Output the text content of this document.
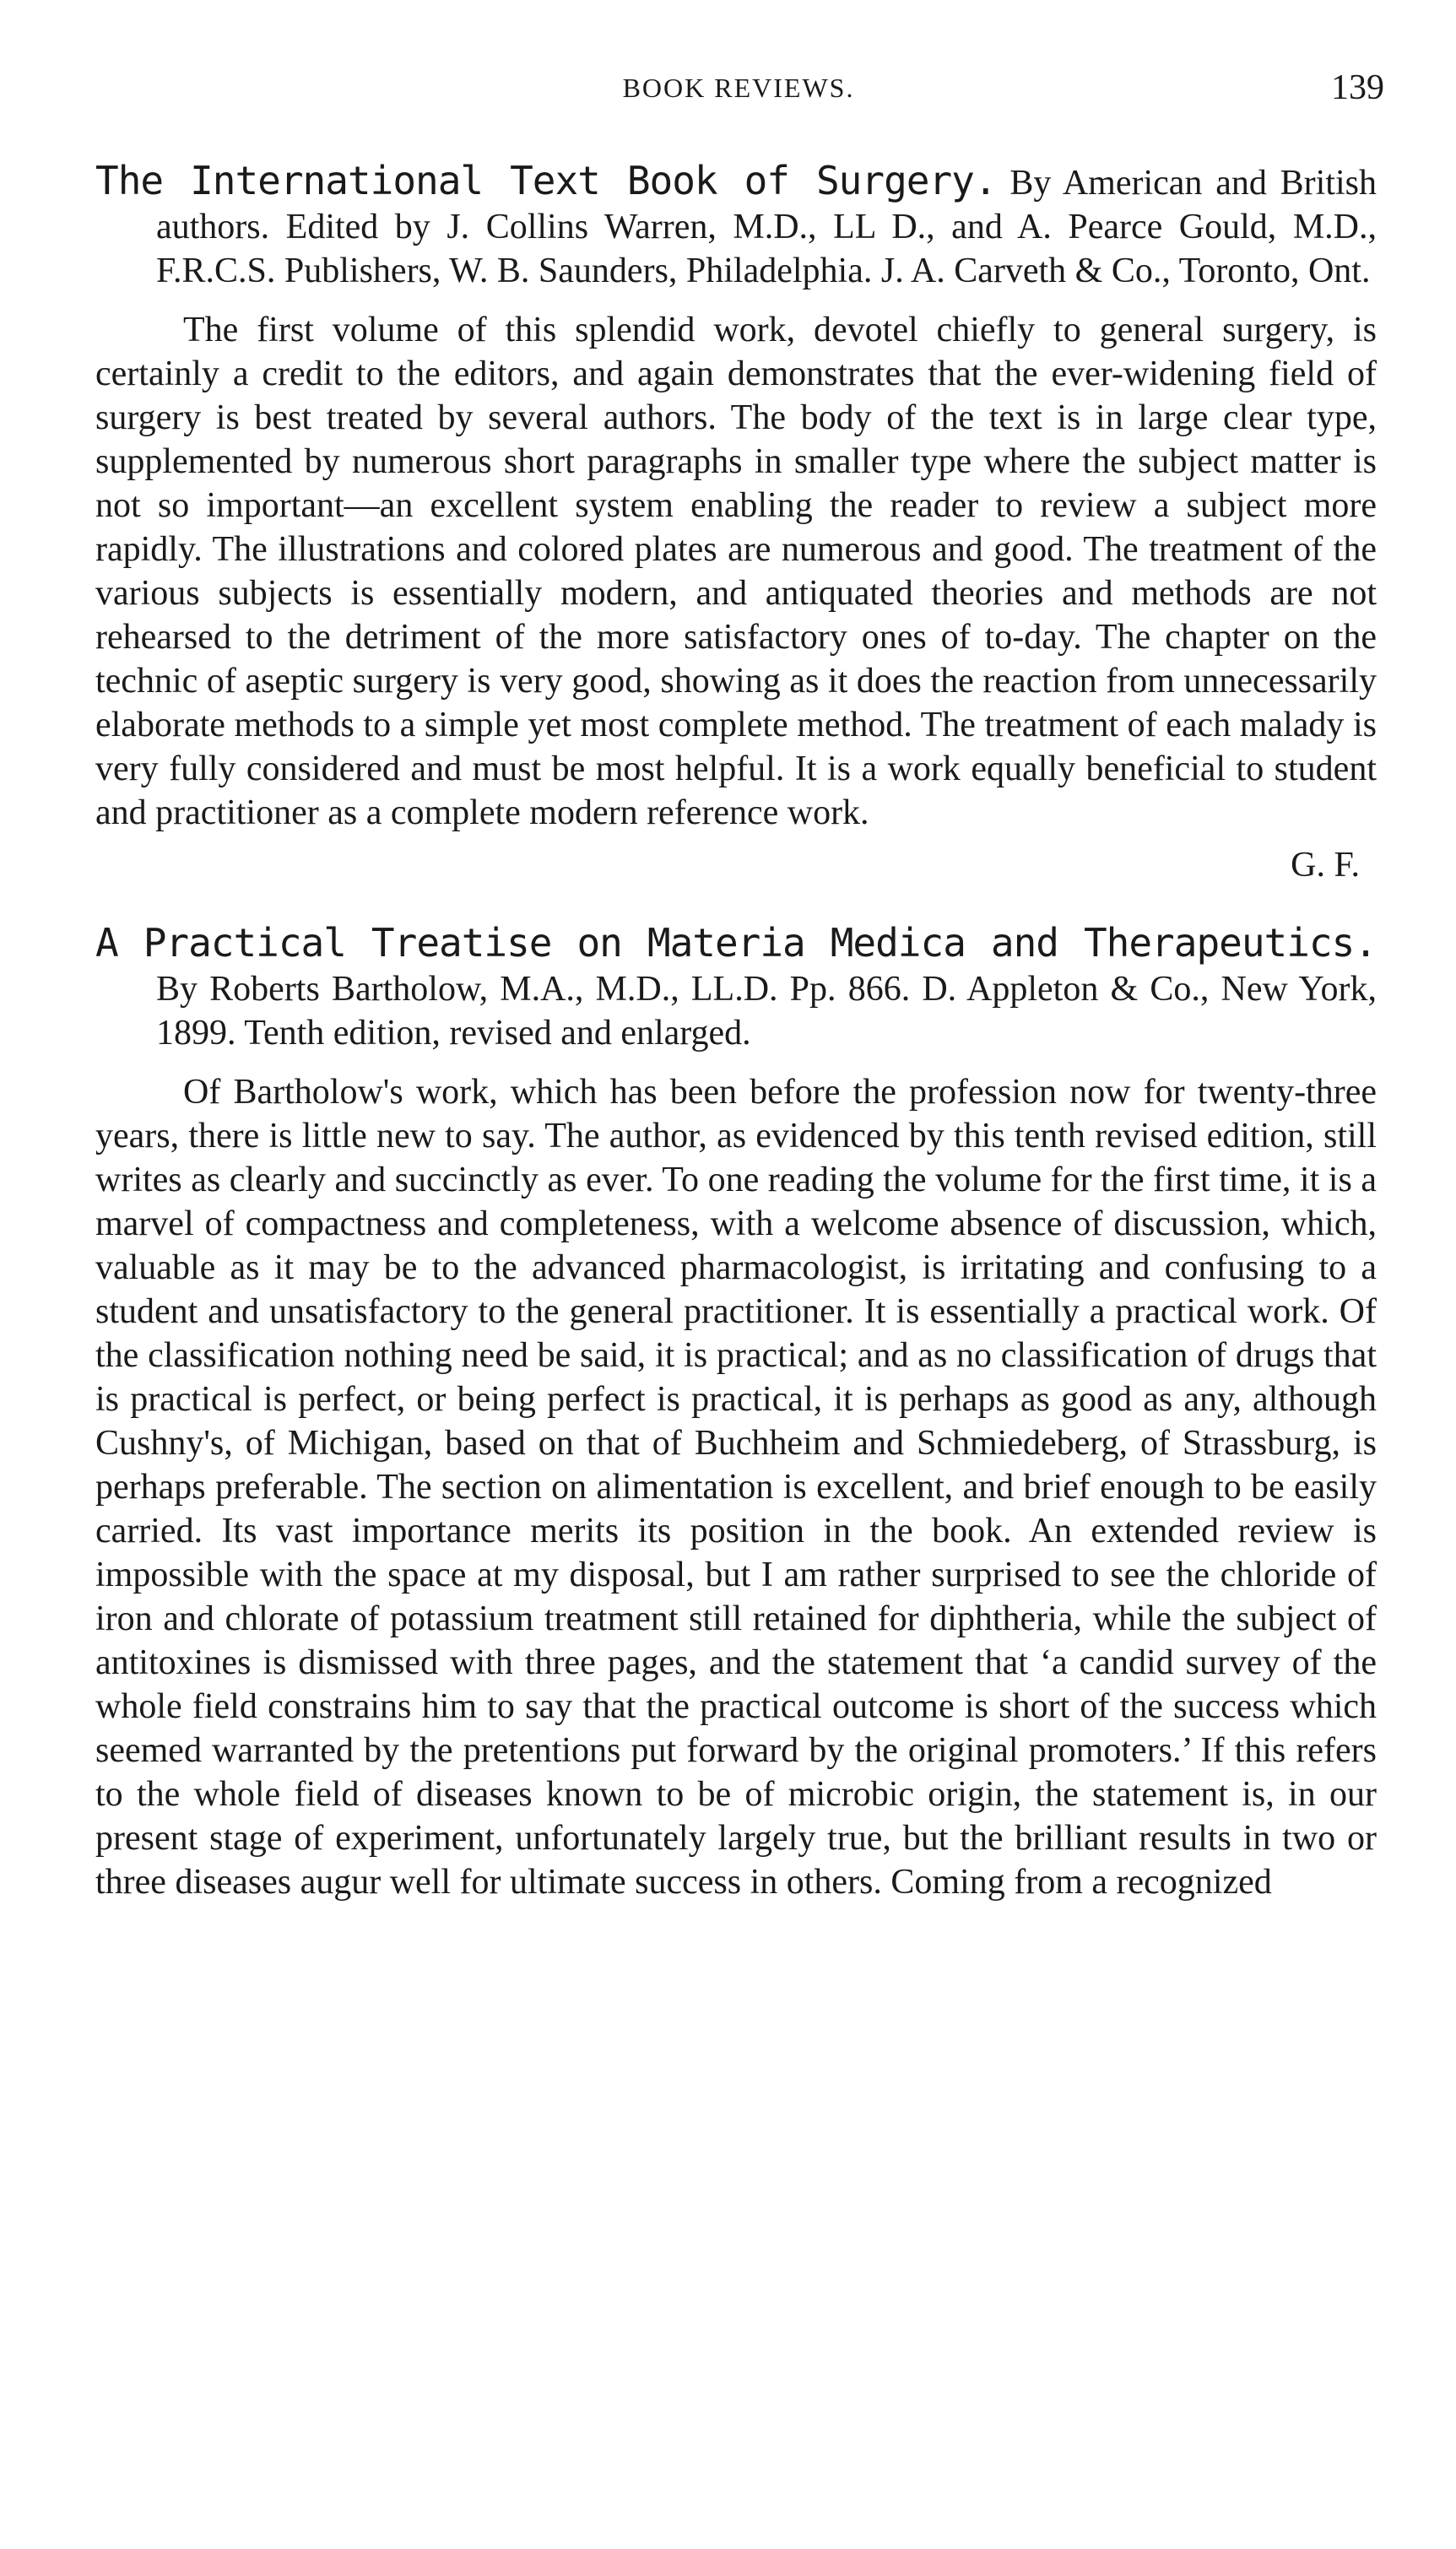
BOOK REVIEWS.	139

The International Text Book of Surgery. By American and British authors. Edited by J. Collins Warren, M.D., LL D., and A. Pearce Gould, M.D., F.R.C.S. Publishers, W. B. Saunders, Philadelphia. J. A. Carveth & Co., Toronto, Ont.

The first volume of this splendid work, devotel chiefly to general surgery, is certainly a credit to the editors, and again demonstrates that the ever-widening field of surgery is best treated by several authors. The body of the text is in large clear type, supplemented by numerous short paragraphs in smaller type where the subject matter is not so important—an excellent system enabling the reader to review a subject more rapidly. The illustrations and colored plates are numerous and good. The treatment of the various subjects is essentially modern, and antiquated theories and methods are not rehearsed to the detriment of the more satisfactory ones of to-day. The chapter on the technic of aseptic surgery is very good, showing as it does the reaction from unnecessarily elaborate methods to a simple yet most complete method. The treatment of each malady is very fully considered and must be most helpful. It is a work equally beneficial to student and practitioner as a complete modern reference work.

G. F.

A Practical Treatise on Materia Medica and Therapeutics. By Roberts Bartholow, M.A., M.D., LL.D. Pp. 866. D. Appleton & Co., New York, 1899. Tenth edition, revised and enlarged.

Of Bartholow's work, which has been before the profession now for twenty-three years, there is little new to say. The author, as evidenced by this tenth revised edition, still writes as clearly and succinctly as ever. To one reading the volume for the first time, it is a marvel of compactness and completeness, with a welcome absence of discussion, which, valuable as it may be to the advanced pharmacologist, is irritating and confusing to a student and unsatisfactory to the general practitioner. It is essentially a practical work. Of the classification nothing need be said, it is practical; and as no classification of drugs that is practical is perfect, or being perfect is practical, it is perhaps as good as any, although Cushny's, of Michigan, based on that of Buchheim and Schmiedeberg, of Strassburg, is perhaps preferable. The section on alimentation is excellent, and brief enough to be easily carried. Its vast importance merits its position in the book. An extended review is impossible with the space at my disposal, but I am rather surprised to see the chloride of iron and chlorate of potassium treatment still retained for diphtheria, while the subject of antitoxines is dismissed with three pages, and the statement that ‘a candid survey of the whole field constrains him to say that the practical outcome is short of the success which seemed warranted by the pretentions put forward by the original promoters.’ If this refers to the whole field of diseases known to be of microbic origin, the statement is, in our present stage of experiment, unfortunately largely true, but the brilliant results in two or three diseases augur well for ultimate success in others. Coming from a recognized
